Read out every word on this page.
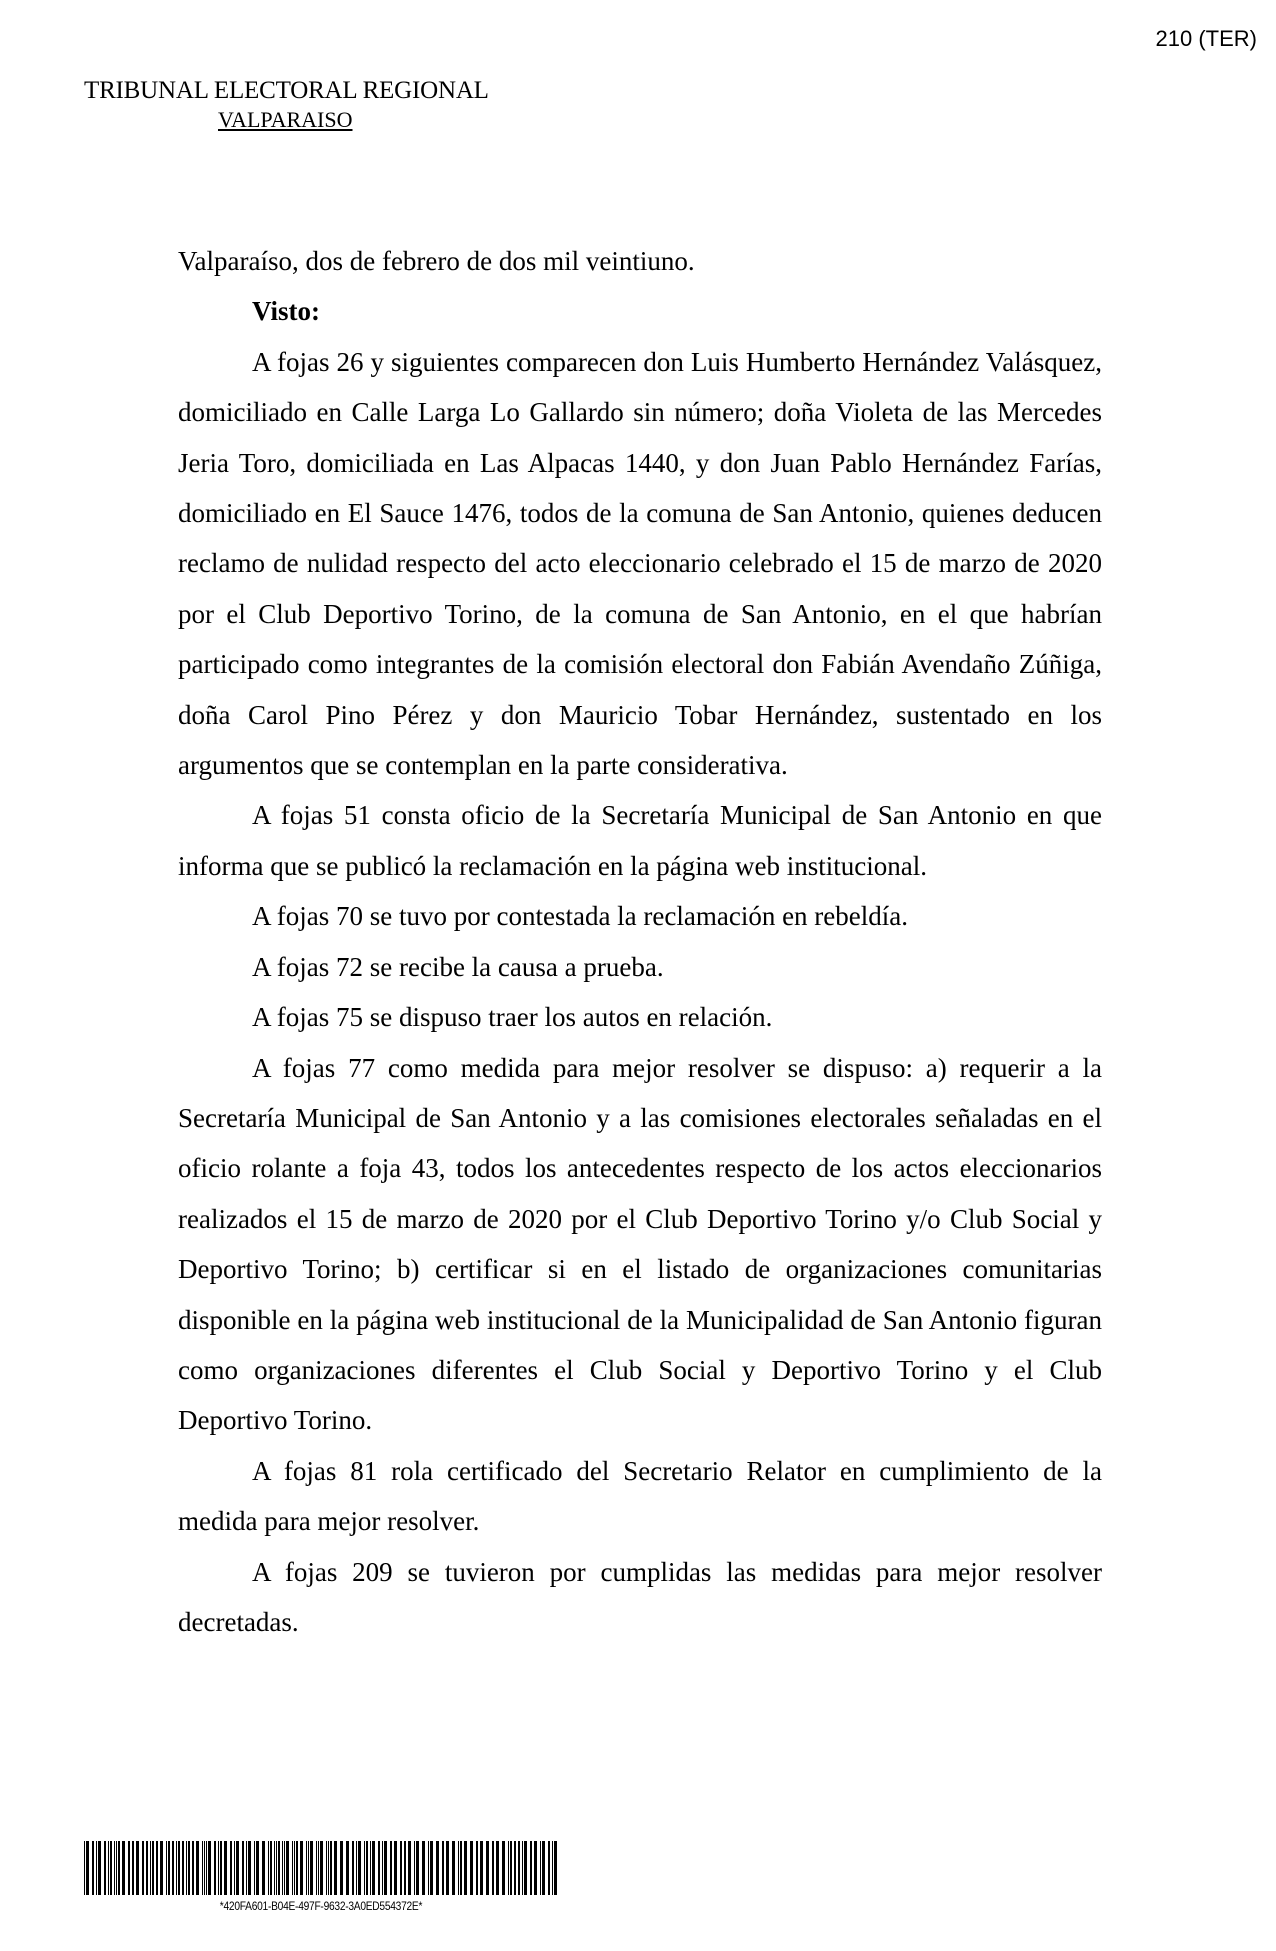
210 (TER)
TRIBUNAL ELECTORAL REGIONAL
VALPARAISO

Valparaíso, dos de febrero de dos mil veintiuno.

Visto:

A fojas 26 y siguientes comparecen don Luis Humberto Hernández Valásquez, domiciliado en Calle Larga Lo Gallardo sin número; doña Violeta de las Mercedes Jeria Toro, domiciliada en Las Alpacas 1440, y don Juan Pablo Hernández Farías, domiciliado en El Sauce 1476, todos de la comuna de San Antonio, quienes deducen reclamo de nulidad respecto del acto eleccionario celebrado el 15 de marzo de 2020 por el Club Deportivo Torino, de la comuna de San Antonio, en el que habrían participado como integrantes de la comisión electoral don Fabián Avendaño Zúñiga, doña Carol Pino Pérez y don Mauricio Tobar Hernández, sustentado en los argumentos que se contemplan en la parte considerativa.

A fojas 51 consta oficio de la Secretaría Municipal de San Antonio en que informa que se publicó la reclamación en la página web institucional.

A fojas 70 se tuvo por contestada la reclamación en rebeldía.

A fojas 72 se recibe la causa a prueba.

A fojas 75 se dispuso traer los autos en relación.

A fojas 77 como medida para mejor resolver se dispuso: a) requerir a la Secretaría Municipal de San Antonio y a las comisiones electorales señaladas en el oficio rolante a foja 43, todos los antecedentes respecto de los actos eleccionarios realizados el 15 de marzo de 2020 por el Club Deportivo Torino y/o Club Social y Deportivo Torino; b) certificar si en el listado de organizaciones comunitarias disponible en la página web institucional de la Municipalidad de San Antonio figuran como organizaciones diferentes el Club Social y Deportivo Torino y el Club Deportivo Torino.

A fojas 81 rola certificado del Secretario Relator en cumplimiento de la medida para mejor resolver.

A fojas 209 se tuvieron por cumplidas las medidas para mejor resolver decretadas.

*420FA601-B04E-497F-9632-3A0ED554372E*
